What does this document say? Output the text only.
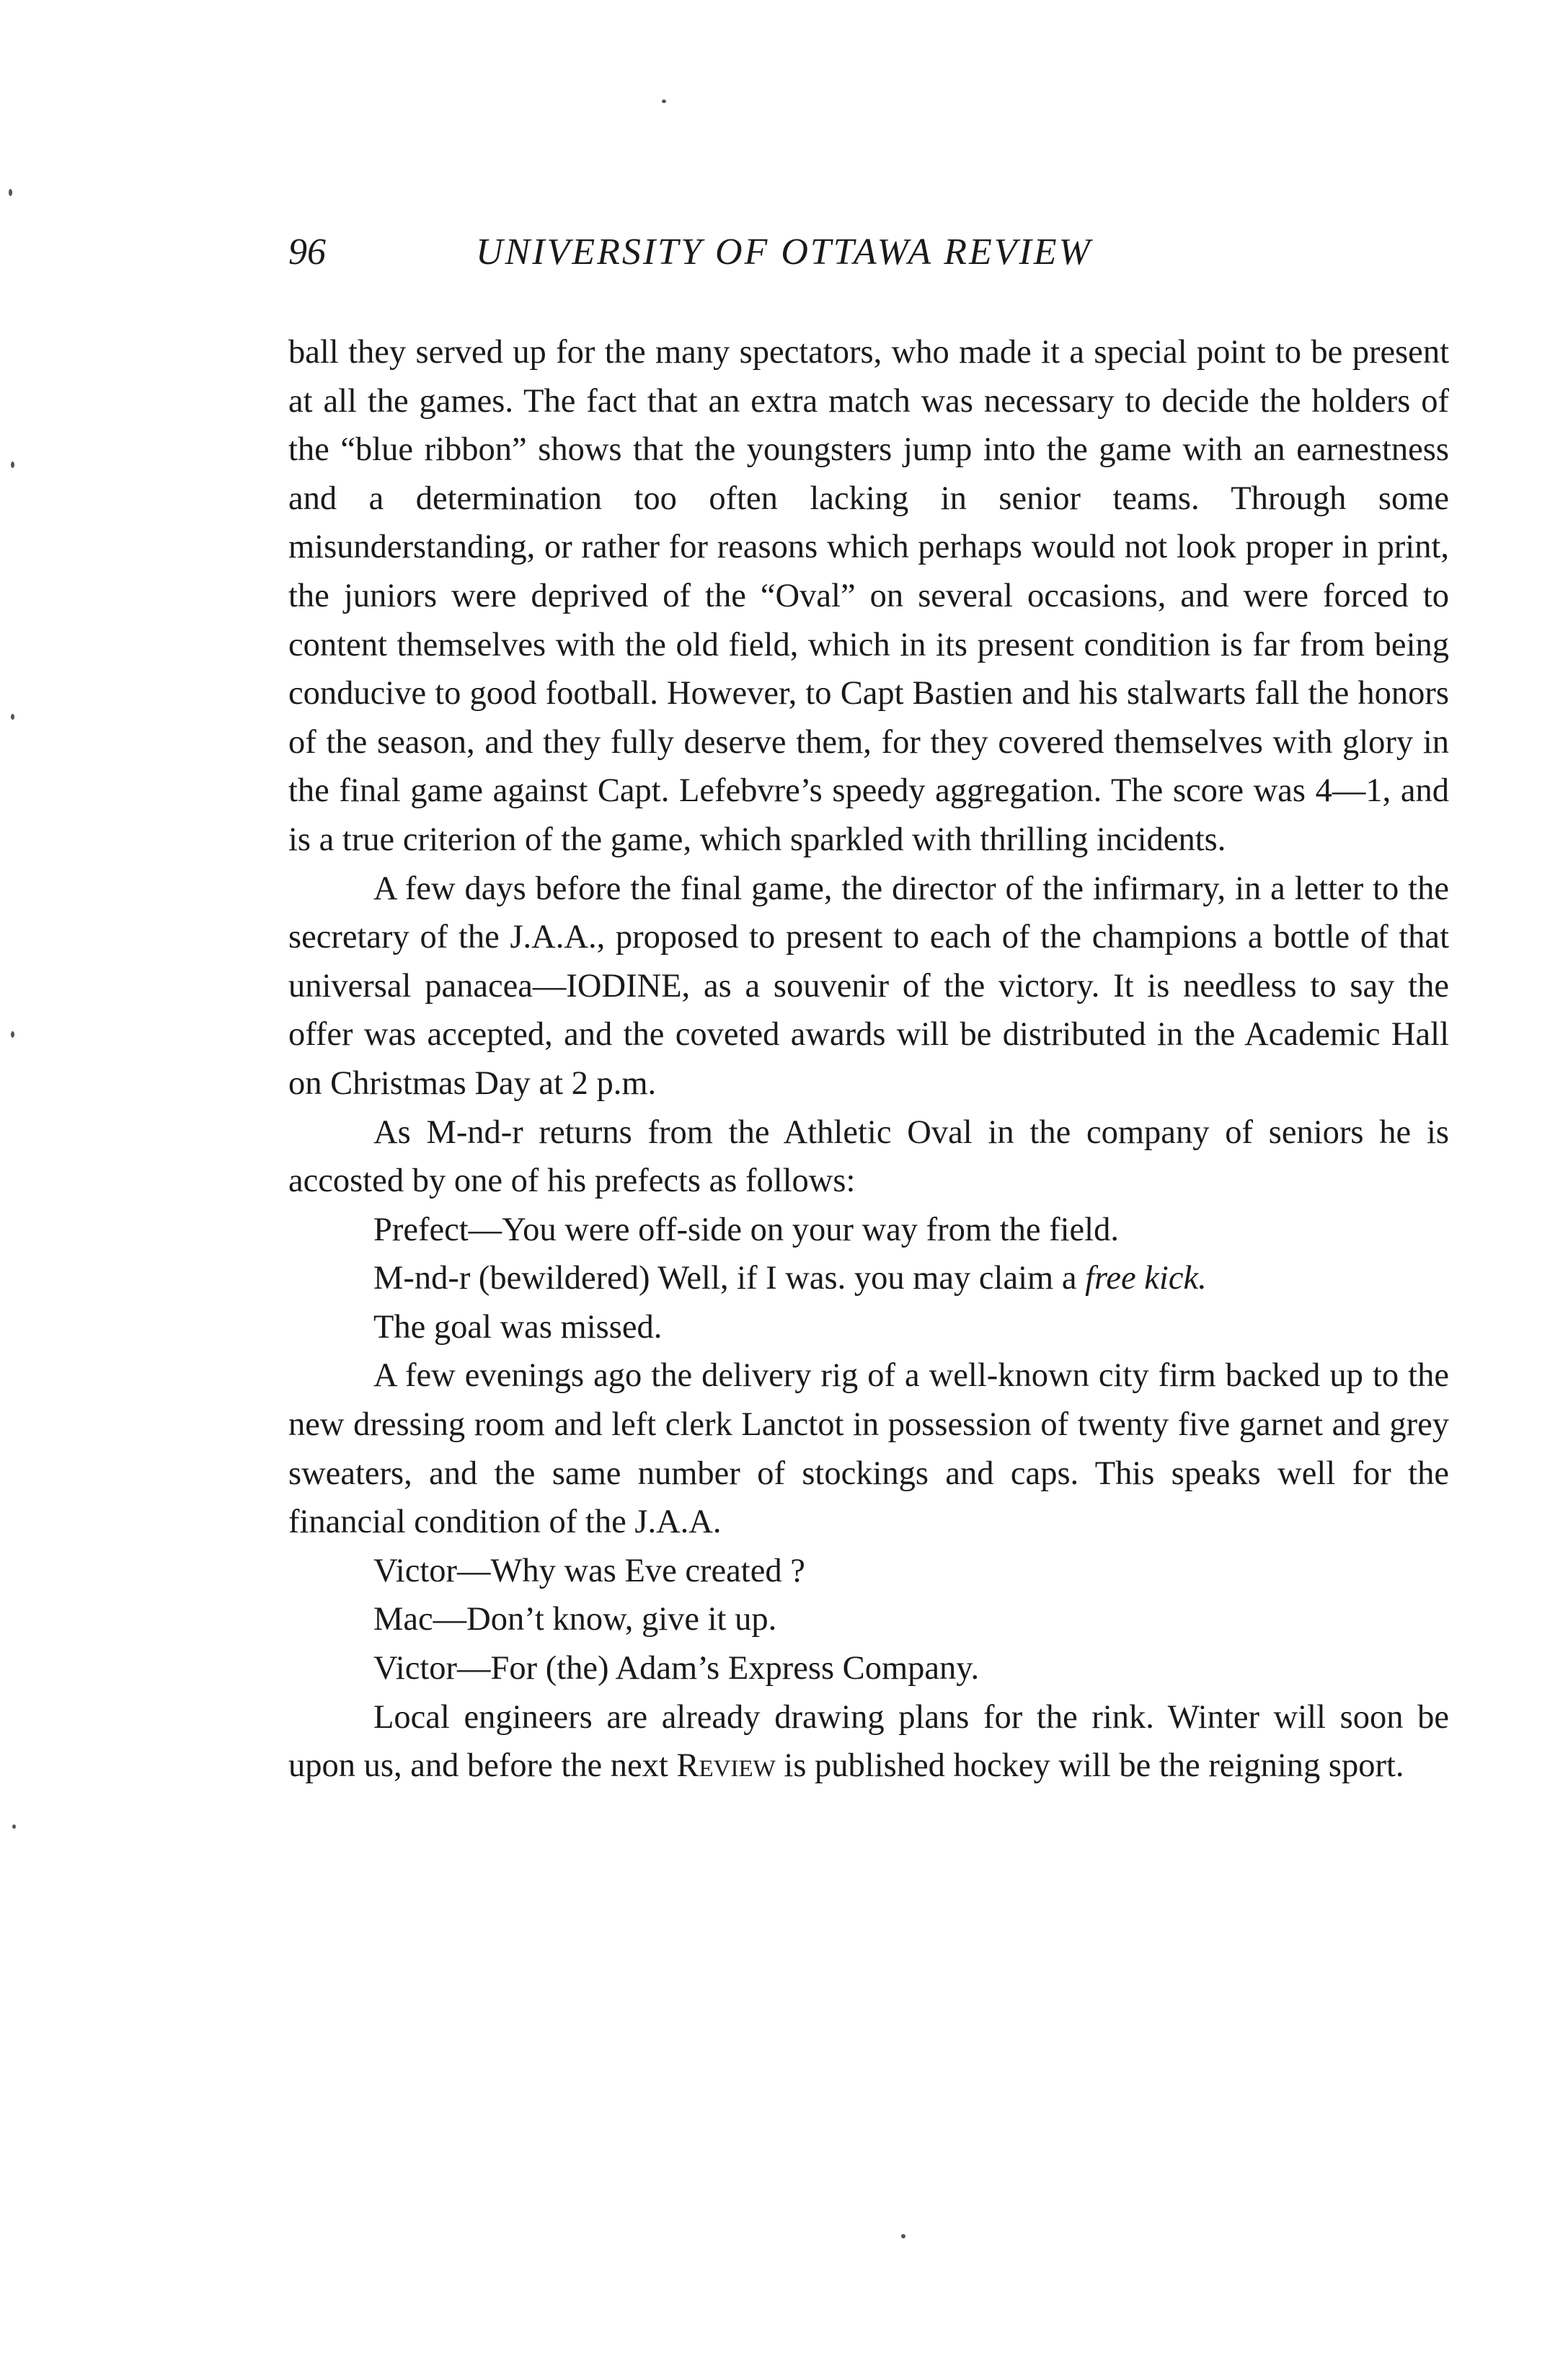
96	UNIVERSITY OF OTTAWA REVIEW

ball they served up for the many spectators, who made it a special point to be present at all the games. The fact that an extra match was necessary to decide the holders of the “blue ribbon” shows that the youngsters jump into the game with an earnestness and a determination too often lacking in senior teams. Through some misunderstanding, or rather for reasons which perhaps would not look proper in print, the juniors were deprived of the “Oval” on several occasions, and were forced to content themselves with the old field, which in its present condition is far from being conducive to good football. However, to Capt Bastien and his stalwarts fall the honors of the season, and they fully deserve them, for they covered themselves with glory in the final game against Capt. Lefebvre’s speedy aggregation. The score was 4—1, and is a true criterion of the game, which sparkled with thrilling incidents.

A few days before the final game, the director of the infirmary, in a letter to the secretary of the J.A.A., proposed to present to each of the champions a bottle of that universal panacea—IODINE, as a souvenir of the victory. It is needless to say the offer was accepted, and the coveted awards will be distributed in the Academic Hall on Christmas Day at 2 p.m.

As M-nd-r returns from the Athletic Oval in the company of seniors he is accosted by one of his prefects as follows:

Prefect—You were off-side on your way from the field.

M-nd-r (bewildered) Well, if I was. you may claim a free kick.

The goal was missed.

A few evenings ago the delivery rig of a well-known city firm backed up to the new dressing room and left clerk Lanctot in possession of twenty five garnet and grey sweaters, and the same number of stockings and caps. This speaks well for the financial condition of the J.A.A.

Victor—Why was Eve created ?

Mac—Don’t know, give it up.

Victor—For (the) Adam’s Express Company.

Local engineers are already drawing plans for the rink. Winter will soon be upon us, and before the next Review is published hockey will be the reigning sport.
